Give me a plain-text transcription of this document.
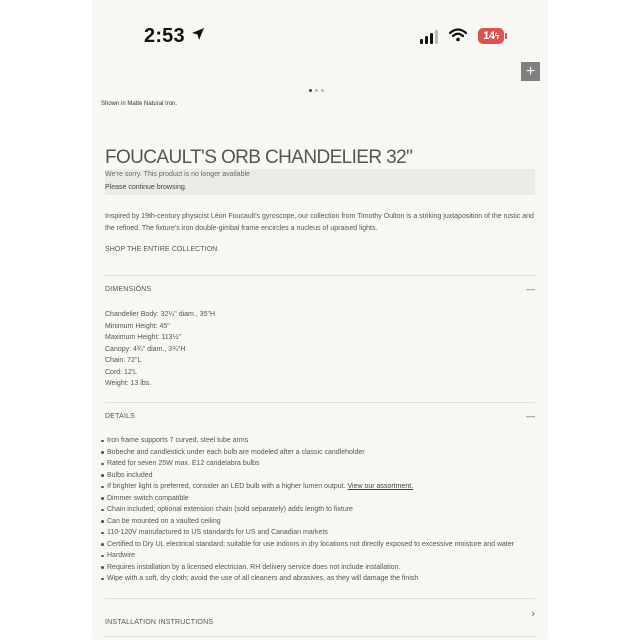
2:53	14 ϟ
+
Shown in Matte Natural Iron.
FOUCAULT'S ORB CHANDELIER 32"
We're sorry. This product is no longer available
Please continue browsing.
Inspired by 19th-century physicist Léon Foucault's gyroscope, our collection from Timothy Oulton is a striking juxtaposition of the rustic and the refined. The fixture's iron double-gimbal frame encircles a nucleus of upraised lights.
SHOP THE ENTIRE COLLECTION
DIMENSIONS	—
Chandelier Body: 32¼" diam., 35"H
Minimum Height: 45"
Maximum Height: 113½"
Canopy: 4¾" diam., 3¾"H
Chain: 72"L
Cord: 12'L
Weight: 13 lbs.
DETAILS	—
Iron frame supports 7 curved, steel tube arms
Bobeche and candlestick under each bulb are modeled after a classic candleholder
Rated for seven 25W max. E12 candelabra bulbs
Bulbs included
If brighter light is preferred, consider an LED bulb with a higher lumen output. View our assortment.
Dimmer switch compatible
Chain included; optional extension chain (sold separately) adds length to fixture
Can be mounted on a vaulted ceiling
110-120V manufactured to US standards for US and Canadian markets
Certified to Dry UL electrical standard: suitable for use indoors in dry locations not directly exposed to excessive moisture and water
Hardwire
Requires installation by a licensed electrician. RH delivery service does not include installation.
Wipe with a soft, dry cloth; avoid the use of all cleaners and abrasives, as they will damage the finish
INSTALLATION INSTRUCTIONS
›
